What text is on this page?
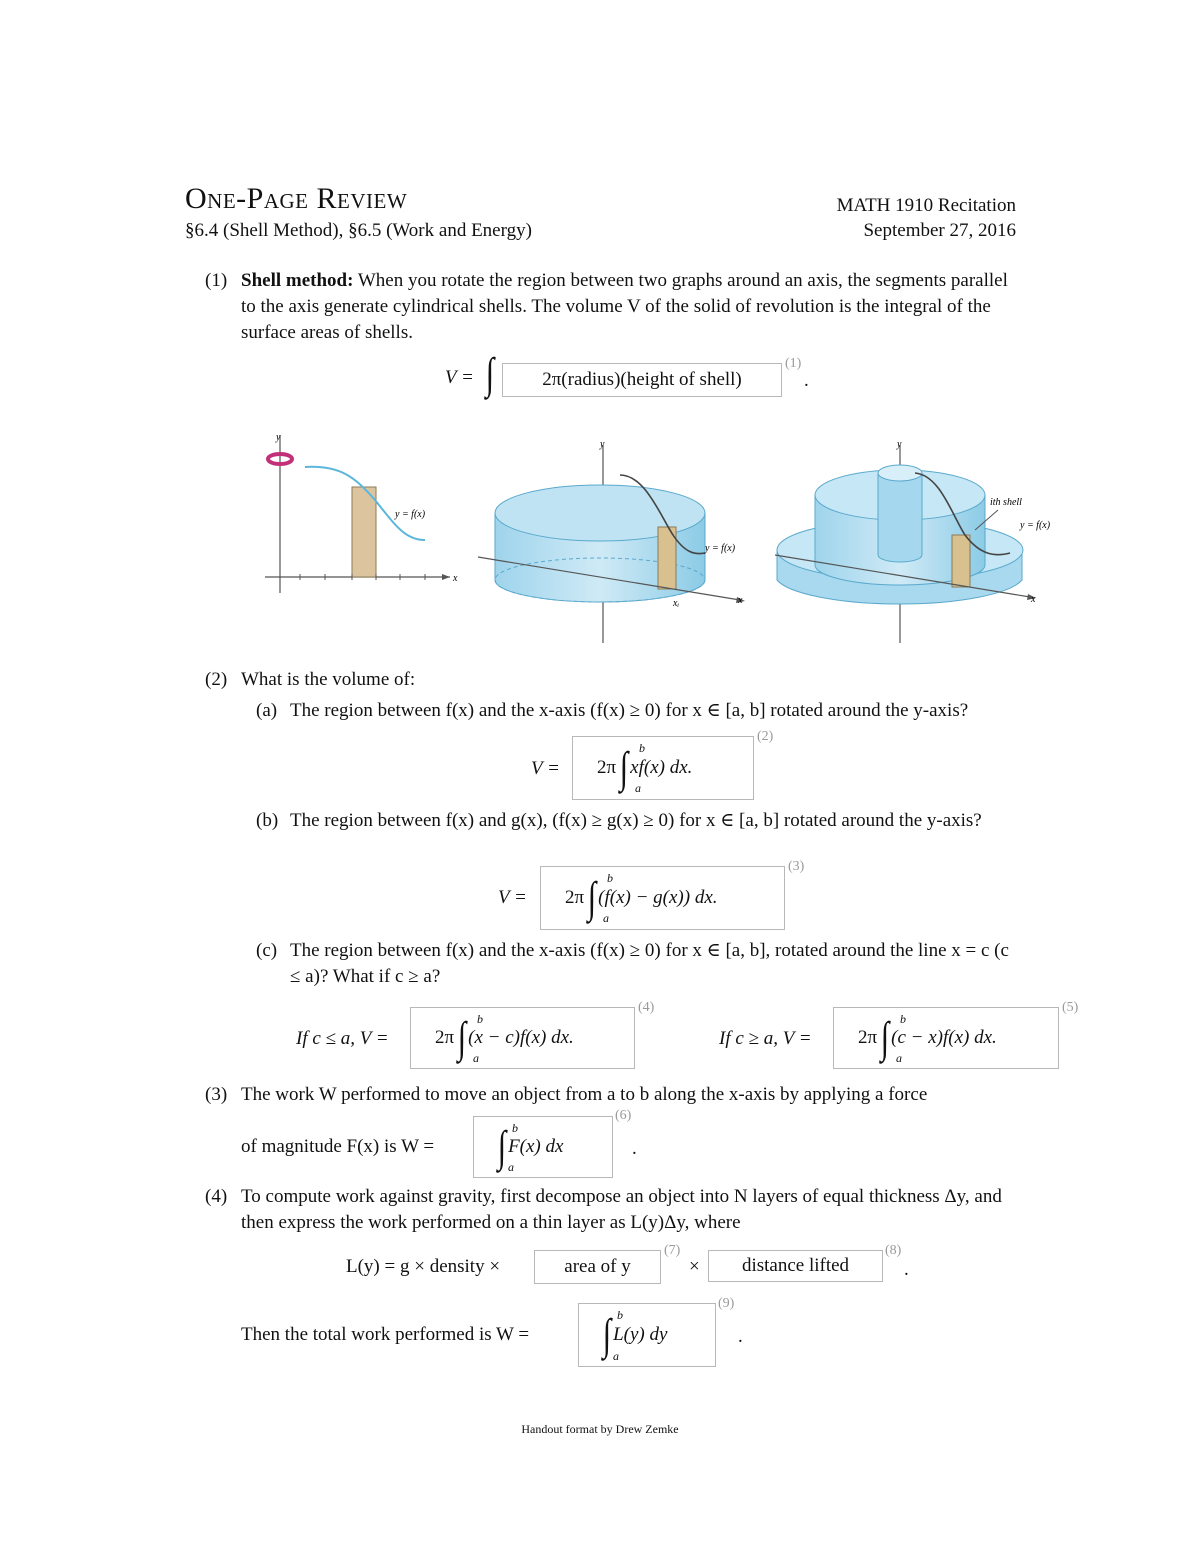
One-Page Review
§6.4 (Shell Method), §6.5 (Work and Energy)
MATH 1910 Recitation
September 27, 2016
(1) Shell method: When you rotate the region between two graphs around an axis, the segments parallel to the axis generate cylindrical shells. The volume V of the solid of revolution is the integral of the surface areas of shells.
V = ∫	2π(radius)(height of shell)
(1)
.
y
x
y = f(x)
y
x
y = f(x)
xᵢ
y
x
y = f(x)
ith shell
(2) What is the volume of:
(a) The region between f(x) and the x-axis (f(x) ≥ 0) for x ∈ [a, b] rotated around the y-axis?
V = 2π ∫ xf(x) dx.
b
a
(2)
(b) The region between f(x) and g(x), (f(x) ≥ g(x) ≥ 0) for x ∈ [a, b] rotated around the y-axis?
V = 2π ∫ (f(x) − g(x)) dx.
b
a
(3)
(c) The region between f(x) and the x-axis (f(x) ≥ 0) for x ∈ [a, b], rotated around the line x = c (c ≤ a)? What if c ≥ a?
If c ≤ a, V = 2π ∫ (x − c)f(x) dx.
b
a
(4)
If c ≥ a, V = 2π ∫ (c − x)f(x) dx.
b
a
(5)
(3) The work W performed to move an object from a to b along the x-axis by applying a force
of magnitude F(x) is W = ∫ F(x) dx
b
a
(6)
.
(4) To compute work against gravity, first decompose an object into N layers of equal thickness Δy, and then express the work performed on a thin layer as L(y)Δy, where
L(y) = g × density ×	area of y
(7)
×	distance lifted
(8)
.
Then the total work performed is W = ∫ L(y) dy
b
a
(9)
.
Handout format by Drew Zemke
